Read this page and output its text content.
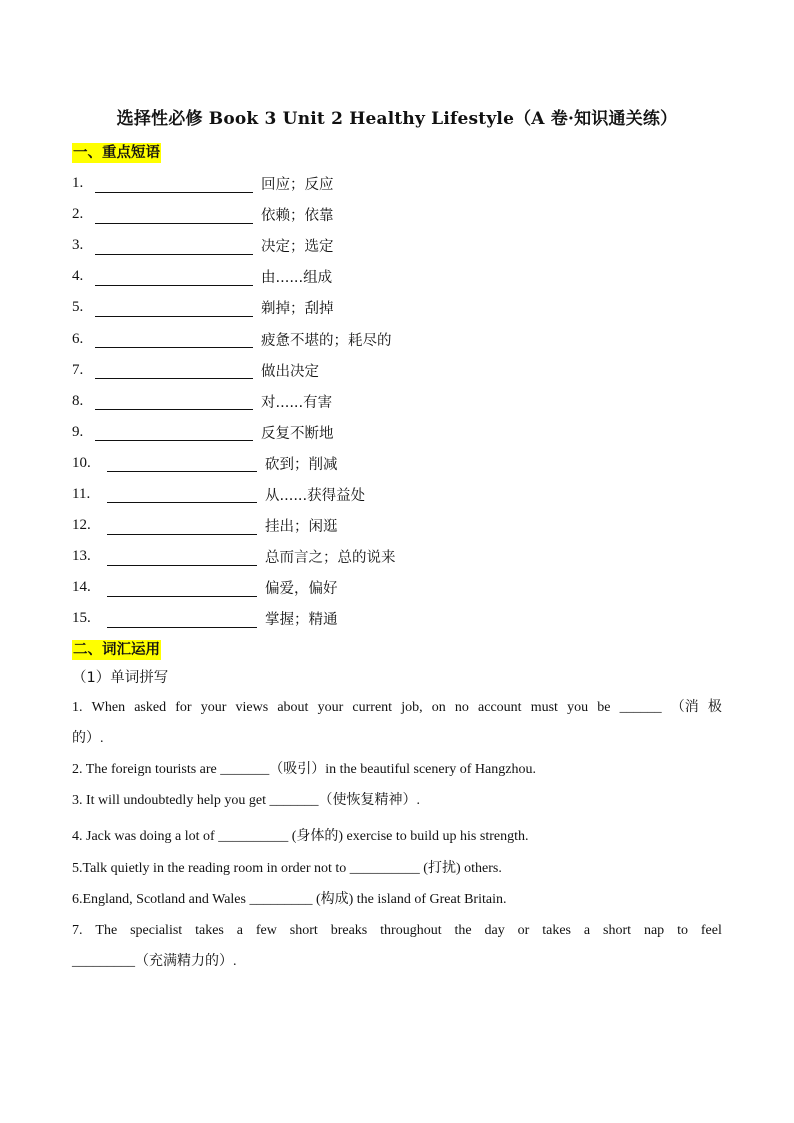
选择性必修 Book 3 Unit 2 Healthy Lifestyle（A 卷·知识通关练）
一、重点短语
1.	回应；反应
2.	依赖；依靠
3.	决定；选定
4.	由......组成
5.	剃掉；刮掉
6.	疲惫不堪的；耗尽的
7.	做出决定
8.	对......有害
9.	反复不断地
10.	砍到；削减
11.	从......获得益处
12.	挂出；闲逛
13.	总而言之；总的说来
14.	偏爱，偏好
15.	掌握；精通
二、词汇运用
（1）单词拼写
1. When asked for your views about your current job, on no account must you be ______ （消 极
的）.
2. The foreign tourists are _______（吸引）in the beautiful scenery of Hangzhou.
3. It will undoubtedly help you get _______（使恢复精神）.
4. Jack was doing a lot of __________ (身体的) exercise to build up his strength.
5.Talk quietly in the reading room in order not to __________ (打扰) others.
6.England, Scotland and Wales _________ (构成) the island of Great Britain.
7. The specialist takes a few short breaks throughout the day or takes a short nap to feel
_________（充满精力的）.
